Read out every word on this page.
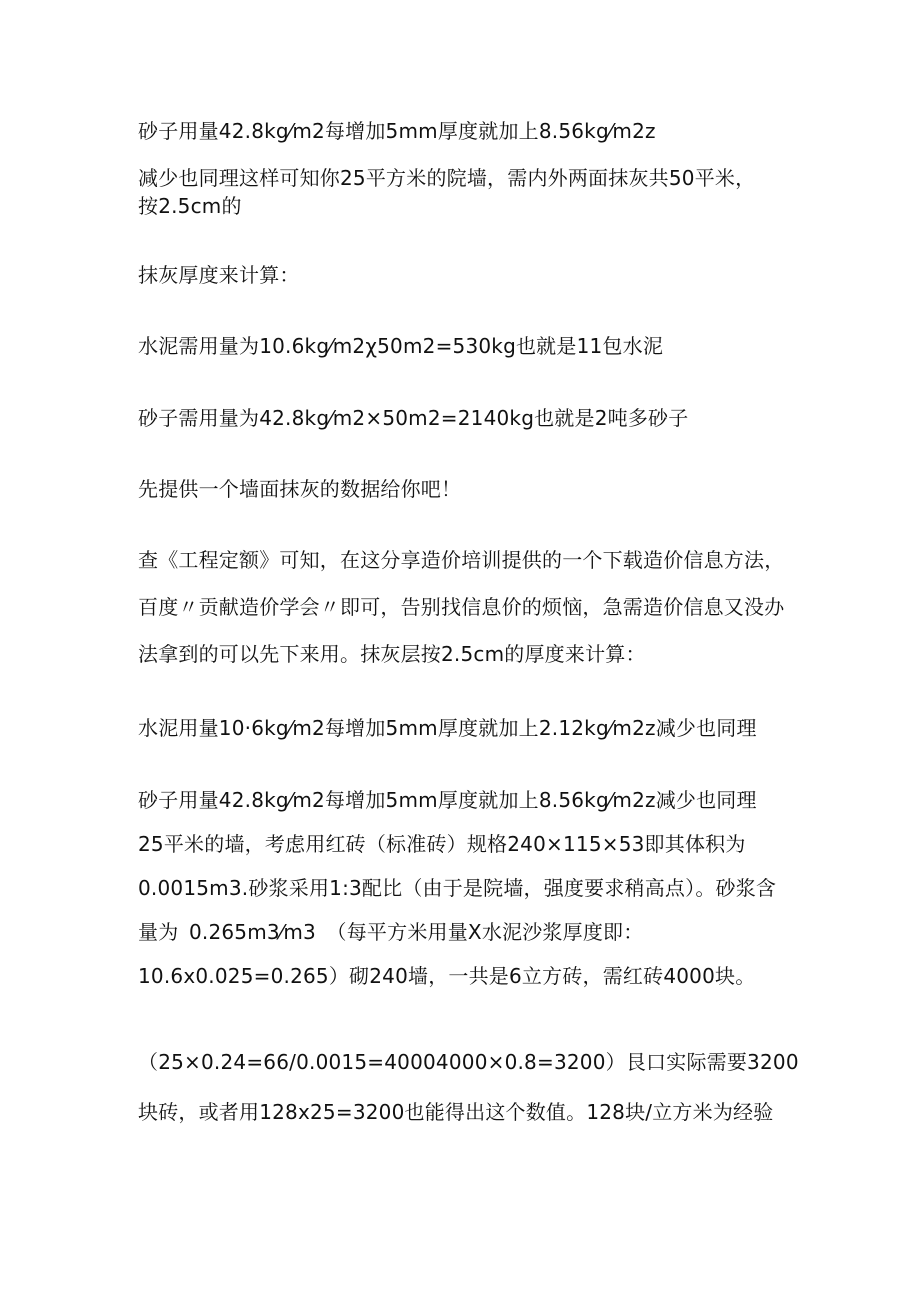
砂子用量42.8kg⁄m2每增加5mm厚度就加上8.56kg⁄m2z
减少也同理这样可知你25平方米的院墙，需内外两面抹灰共50平米，
按2.5cm的
抹灰厚度来计算：
水泥需用量为10.6kg⁄m2χ50m2=530kg也就是11包水泥
砂子需用量为42.8kg⁄m2×50m2=2140kg也就是2吨多砂子
先提供一个墙面抹灰的数据给你吧！
查《工程定额》可知，在这分享造价培训提供的一个下载造价信息方法，
百度〃贡献造价学会〃即可，告别找信息价的烦恼，急需造价信息又没办
法拿到的可以先下来用。抹灰层按2.5cm的厚度来计算：
水泥用量10·6kg⁄m2每增加5mm厚度就加上2.12kg⁄m2z减少也同理
砂子用量42.8kg⁄m2每增加5mm厚度就加上8.56kg⁄m2z减少也同理
25平米的墙，考虑用红砖（标准砖）规格240×115×53即其体积为
0.0015m3.砂浆采用1:3配比（由于是院墙，强度要求稍高点）。砂浆含
量为 0.265m3⁄m3 （每平方米用量X水泥沙浆厚度即：
10.6x0.025=0.265）砌240墙，一共是6立方砖，需红砖4000块。
（25×0.24=66/0.0015=40004000×0.8=3200）艮口实际需要3200
块砖，或者用128x25=3200也能得出这个数值。128块/立方米为经验
